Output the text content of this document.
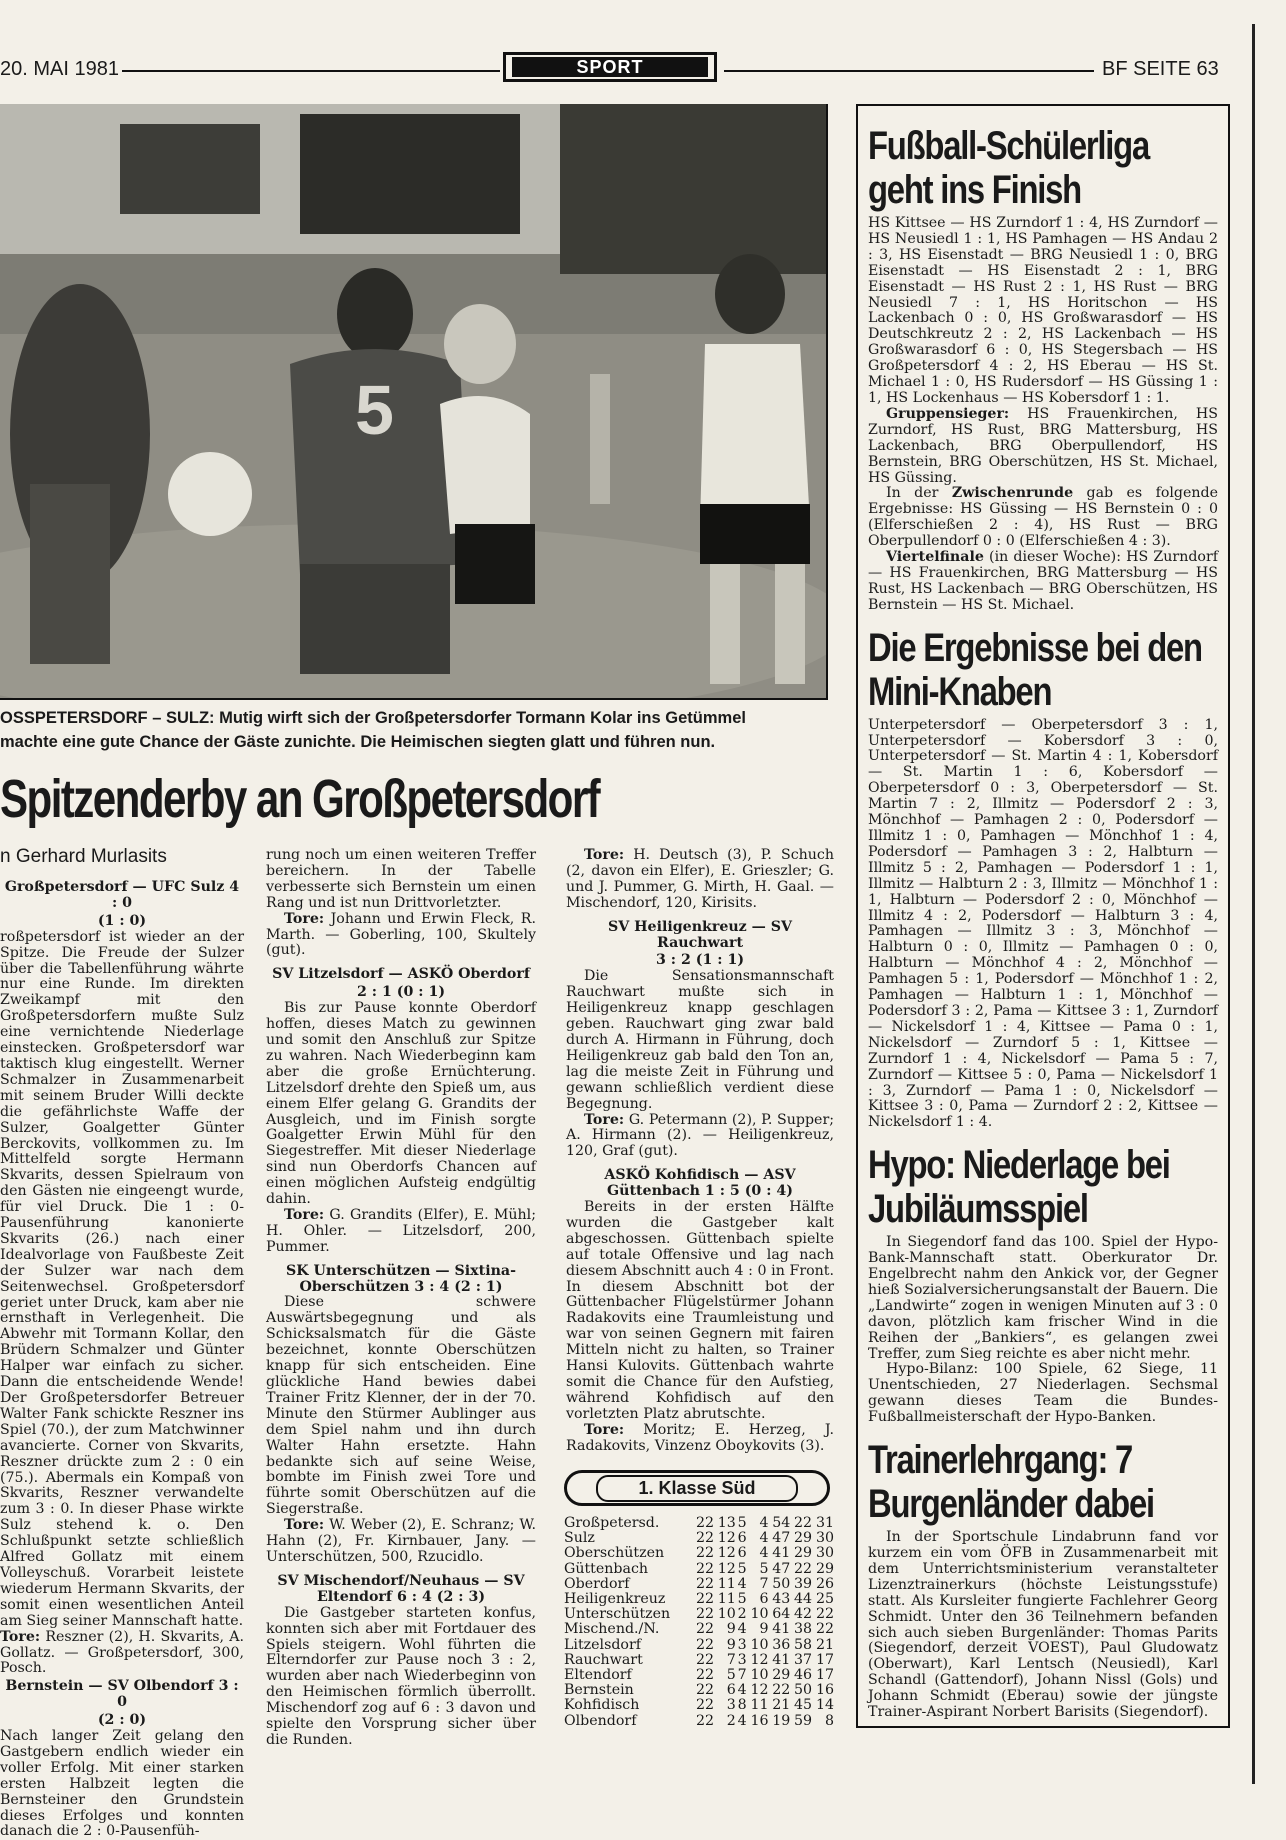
20. MAI 1981	SPORT	BF SEITE 63
5
OSSPETERSDORF – SULZ: Mutig wirft sich der Großpetersdorfer Tormann Kolar ins Getümmel
machte eine gute Chance der Gäste zunichte. Die Heimischen siegten glatt und führen nun.
Spitzenderby an Großpetersdorf
n Gerhard Murlasits

Großpetersdorf — UFC Sulz 4 : 0

(1 : 0)

roßpetersdorf ist wieder an der Spitze. Die Freude der Sulzer über die Tabellenführung währte nur eine Runde. Im direkten Zweikampf mit den Großpetersdorfern mußte Sulz eine vernichtende Niederlage einstecken. Großpetersdorf war taktisch klug eingestellt. Werner Schmalzer in Zusammenarbeit mit seinem Bruder Willi deckte die gefährlichste Waffe der Sulzer, Goalgetter Günter Berckovits, vollkommen zu. Im Mittelfeld sorgte Hermann Skvarits, dessen Spielraum von den Gästen nie eingeengt wurde, für viel Druck. Die 1 : 0-Pausenführung kanonierte Skvarits (26.) nach einer Idealvorlage von Faußbeste Zeit der Sulzer war nach dem Seitenwechsel. Großpetersdorf geriet unter Druck, kam aber nie ernsthaft in Verlegenheit. Die Abwehr mit Tormann Kollar, den Brüdern Schmalzer und Günter Halper war einfach zu sicher. Dann die entscheidende Wende! Der Großpetersdorfer Betreuer Walter Fank schickte Reszner ins Spiel (70.), der zum Matchwinner avancierte. Corner von Skvarits, Reszner drückte zum 2 : 0 ein (75.). Abermals ein Kompaß von Skvarits, Reszner verwandelte zum 3 : 0. In dieser Phase wirkte Sulz stehend k. o. Den Schlußpunkt setzte schließlich Alfred Gollatz mit einem Volleyschuß. Vorarbeit leistete wiederum Hermann Skvarits, der somit einen wesentlichen Anteil am Sieg seiner Mannschaft hatte.

Tore: Reszner (2), H. Skvarits, A. Gollatz. — Großpetersdorf, 300, Posch.

Bernstein — SV Olbendorf 3 : 0

(2 : 0)

Nach langer Zeit gelang den Gastgebern endlich wieder ein voller Erfolg. Mit einer starken ersten Halbzeit legten die Bernsteiner den Grundstein dieses Erfolges und konnten danach die 2 : 0-Pausenfüh-

rung noch um einen weiteren Treffer bereichern. In der Tabelle verbesserte sich Bernstein um einen Rang und ist nun Drittvorletzter.

Tore: Johann und Erwin Fleck, R. Marth. — Goberling, 100, Skultely (gut).

SV Litzelsdorf — ASKÖ Oberdorf

2 : 1 (0 : 1)

Bis zur Pause konnte Oberdorf hoffen, dieses Match zu gewinnen und somit den Anschluß zur Spitze zu wahren. Nach Wiederbeginn kam aber die große Ernüchterung. Litzelsdorf drehte den Spieß um, aus einem Elfer gelang G. Grandits der Ausgleich, und im Finish sorgte Goalgetter Erwin Mühl für den Siegestreffer. Mit dieser Niederlage sind nun Oberdorfs Chancen auf einen möglichen Aufsteig endgültig dahin.

Tore: G. Grandits (Elfer), E. Mühl; H. Ohler. — Litzelsdorf, 200, Pummer.

SK Unterschützen — Sixtina-Oberschützen 3 : 4 (2 : 1)

Diese schwere Auswärtsbegegnung und als Schicksalsmatch für die Gäste bezeichnet, konnte Oberschützen knapp für sich entscheiden. Eine glückliche Hand bewies dabei Trainer Fritz Klenner, der in der 70. Minute den Stürmer Aublinger aus dem Spiel nahm und ihn durch Walter Hahn ersetzte. Hahn bedankte sich auf seine Weise, bombte im Finish zwei Tore und führte somit Oberschützen auf die Siegerstraße.

Tore: W. Weber (2), E. Schranz; W. Hahn (2), Fr. Kirnbauer, Jany. — Unterschützen, 500, Rzucidlo.

SV Mischendorf/Neuhaus — SV Eltendorf 6 : 4 (2 : 3)

Die Gastgeber starteten konfus, konnten sich aber mit Fortdauer des Spiels steigern. Wohl führten die Elterndorfer zur Pause noch 3 : 2, wurden aber nach Wiederbeginn von den Heimischen förmlich überrollt. Mischendorf zog auf 6 : 3 davon und spielte den Vorsprung sicher über die Runden.

Tore: H. Deutsch (3), P. Schuch (2, davon ein Elfer), E. Grieszler; G. und J. Pummer, G. Mirth, H. Gaal. — Mischendorf, 120, Kirisits.

SV Heiligenkreuz — SV Rauchwart

3 : 2 (1 : 1)

Die Sensationsmannschaft Rauchwart mußte sich in Heiligenkreuz knapp geschlagen geben. Rauchwart ging zwar bald durch A. Hirmann in Führung, doch Heiligenkreuz gab bald den Ton an, lag die meiste Zeit in Führung und gewann schließlich verdient diese Begegnung.

Tore: G. Petermann (2), P. Supper; A. Hirmann (2). — Heiligenkreuz, 120, Graf (gut).

ASKÖ Kohfidisch — ASV Güttenbach 1 : 5 (0 : 4)

Bereits in der ersten Hälfte wurden die Gastgeber kalt abgeschossen. Güttenbach spielte auf totale Offensive und lag nach diesem Abschnitt auch 4 : 0 in Front. In diesem Abschnitt bot der Güttenbacher Flügelstürmer Johann Radakovits eine Traumleistung und war von seinen Gegnern mit fairen Mitteln nicht zu halten, so Trainer Hansi Kulovits. Güttenbach wahrte somit die Chance für den Aufstieg, während Kohfidisch auf den vorletzten Platz abrutschte.

Tore: Moritz; E. Herzeg, J. Radakovits, Vinzenz Oboykovits (3).

1. Klasse Süd
Großpetersd.	22	13	5	4	54	22	31
Sulz	22	12	6	4	47	29	30
Oberschützen	22	12	6	4	41	29	30
Güttenbach	22	12	5	5	47	22	29
Oberdorf	22	11	4	7	50	39	26
Heiligenkreuz	22	11	5	6	43	44	25
Unterschützen	22	10	2	10	64	42	22
Mischend./N.	22	9	4	9	41	38	22
Litzelsdorf	22	9	3	10	36	58	21
Rauchwart	22	7	3	12	41	37	17
Eltendorf	22	5	7	10	29	46	17
Bernstein	22	6	4	12	22	50	16
Kohfidisch	22	3	8	11	21	45	14
Olbendorf	22	2	4	16	19	59	8
Fußball-Schülerliga geht ins Finish

HS Kittsee — HS Zurndorf 1 : 4, HS Zurndorf — HS Neusiedl 1 : 1, HS Pamhagen — HS Andau 2 : 3, HS Eisenstadt — BRG Neusiedl 1 : 0, BRG Eisenstadt — HS Eisenstadt 2 : 1, BRG Eisenstadt — HS Rust 2 : 1, HS Rust — BRG Neusiedl 7 : 1, HS Horitschon — HS Lackenbach 0 : 0, HS Großwarasdorf — HS Deutschkreutz 2 : 2, HS Lackenbach — HS Großwarasdorf 6 : 0, HS Stegersbach — HS Großpetersdorf 4 : 2, HS Eberau — HS St. Michael 1 : 0, HS Rudersdorf — HS Güssing 1 : 1, HS Lockenhaus — HS Kobersdorf 1 : 1.

Gruppensieger: HS Frauenkirchen, HS Zurndorf, HS Rust, BRG Mattersburg, HS Lackenbach, BRG Oberpullendorf, HS Bernstein, BRG Oberschützen, HS St. Michael, HS Güssing.

In der Zwischenrunde gab es folgende Ergebnisse: HS Güssing — HS Bernstein 0 : 0 (Elferschießen 2 : 4), HS Rust — BRG Oberpullendorf 0 : 0 (Elferschießen 4 : 3).

Viertelfinale (in dieser Woche): HS Zurndorf — HS Frauenkirchen, BRG Mattersburg — HS Rust, HS Lackenbach — BRG Oberschützen, HS Bernstein — HS St. Michael.

Die Ergebnisse bei den Mini-Knaben

Unterpetersdorf — Oberpetersdorf 3 : 1, Unterpetersdorf — Kobersdorf 3 : 0, Unterpetersdorf — St. Martin 4 : 1, Kobersdorf — St. Martin 1 : 6, Kobersdorf — Oberpetersdorf 0 : 3, Oberpetersdorf — St. Martin 7 : 2, Illmitz — Podersdorf 2 : 3, Mönchhof — Pamhagen 2 : 0, Podersdorf — Illmitz 1 : 0, Pamhagen — Mönchhof 1 : 4, Podersdorf — Pamhagen 3 : 2, Halbturn — Illmitz 5 : 2, Pamhagen — Podersdorf 1 : 1, Illmitz — Halbturn 2 : 3, Illmitz — Mönchhof 1 : 1, Halbturn — Podersdorf 2 : 0, Mönchhof — Illmitz 4 : 2, Podersdorf — Halbturn 3 : 4, Pamhagen — Illmitz 3 : 3, Mönchhof — Halbturn 0 : 0, Illmitz — Pamhagen 0 : 0, Halbturn — Mönchhof 4 : 2, Mönchhof — Pamhagen 5 : 1, Podersdorf — Mönchhof 1 : 2, Pamhagen — Halbturn 1 : 1, Mönchhof — Podersdorf 3 : 2, Pama — Kittsee 3 : 1, Zurndorf — Nickelsdorf 1 : 4, Kittsee — Pama 0 : 1, Nickelsdorf — Zurndorf 5 : 1, Kittsee — Zurndorf 1 : 4, Nickelsdorf — Pama 5 : 7, Zurndorf — Kittsee 5 : 0, Pama — Nickelsdorf 1 : 3, Zurndorf — Pama 1 : 0, Nickelsdorf — Kittsee 3 : 0, Pama — Zurndorf 2 : 2, Kittsee — Nickelsdorf 1 : 4.

Hypo: Niederlage bei Jubiläumsspiel

In Siegendorf fand das 100. Spiel der Hypo-Bank-Mannschaft statt. Oberkurator Dr. Engelbrecht nahm den Ankick vor, der Gegner hieß Sozialversicherungsanstalt der Bauern. Die „Landwirte“ zogen in wenigen Minuten auf 3 : 0 davon, plötzlich kam frischer Wind in die Reihen der „Bankiers“, es gelangen zwei Treffer, zum Sieg reichte es aber nicht mehr.

Hypo-Bilanz: 100 Spiele, 62 Siege, 11 Unentschieden, 27 Niederlagen. Sechsmal gewann dieses Team die Bundes-Fußballmeisterschaft der Hypo-Banken.

Trainerlehrgang: 7 Burgenländer dabei

In der Sportschule Lindabrunn fand vor kurzem ein vom ÖFB in Zusammenarbeit mit dem Unterrichtsministerium veranstalteter Lizenztrainerkurs (höchste Leistungsstufe) statt. Als Kursleiter fungierte Fachlehrer Georg Schmidt. Unter den 36 Teilnehmern befanden sich auch sieben Burgenländer: Thomas Parits (Siegendorf, derzeit VOEST), Paul Gludowatz (Oberwart), Karl Lentsch (Neusiedl), Karl Schandl (Gattendorf), Johann Nissl (Gols) und Johann Schmidt (Eberau) sowie der jüngste Trainer-Aspirant Norbert Barisits (Siegendorf).
